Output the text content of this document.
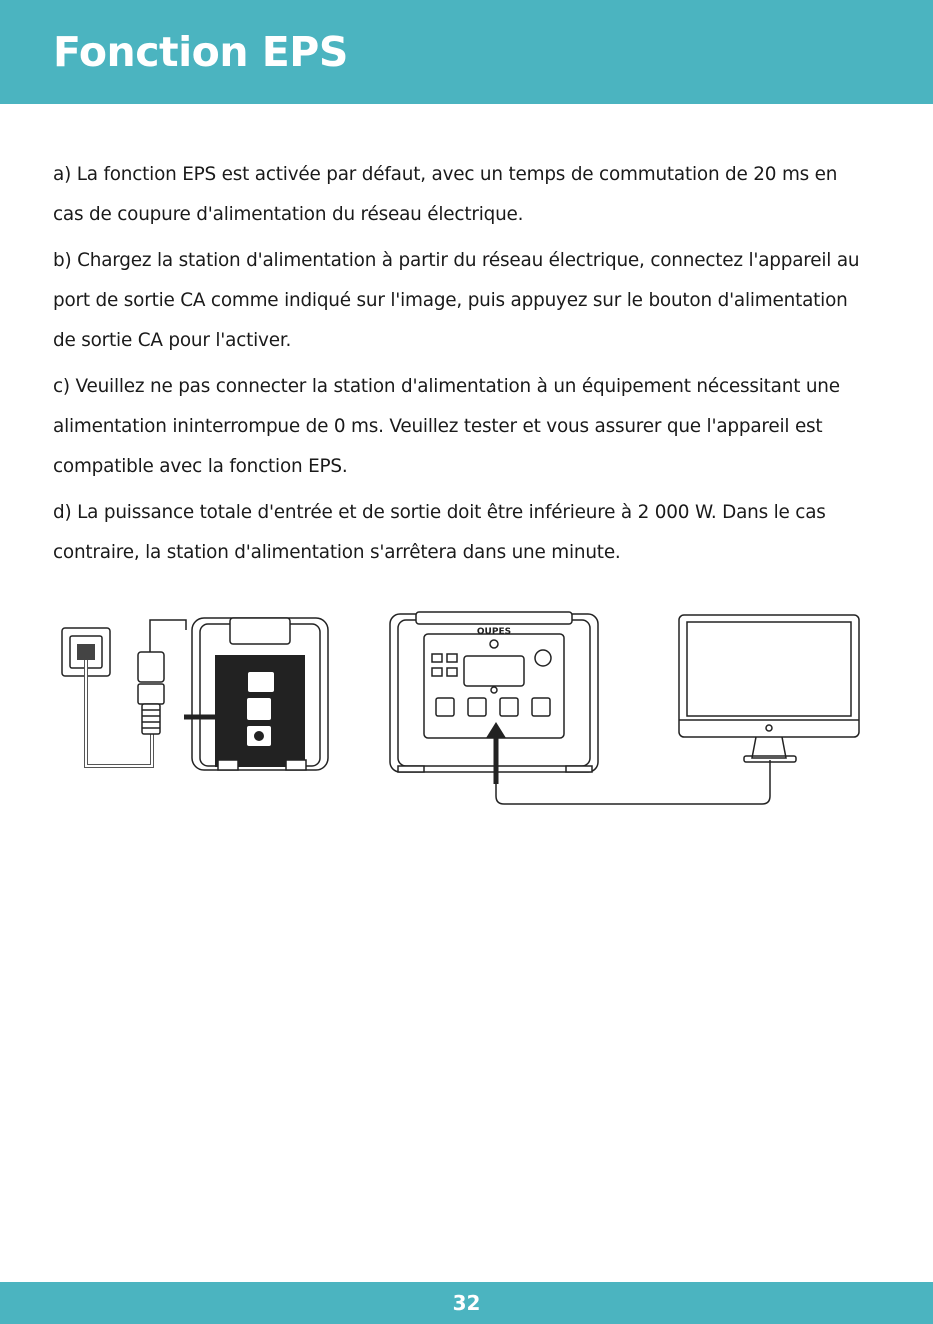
Fonction EPS

a) La fonction EPS est activée par défaut, avec un temps de commutation de 20 ms en cas de coupure d'alimentation du réseau électrique.

b) Chargez la station d'alimentation à partir du réseau électrique, connectez l'appareil au port de sortie CA comme indiqué sur l'image, puis appuyez sur le bouton d'alimentation de sortie CA pour l'activer.

c) Veuillez ne pas connecter la station d'alimentation à un équipement nécessitant une alimentation ininterrompue de 0 ms. Veuillez tester et vous assurer que l'appareil est compatible avec la fonction EPS.

d) La puissance totale d'entrée et de sortie doit être inférieure à 2 000 W. Dans le cas contraire, la station d'alimentation s'arrêtera dans une minute.

OUPES
32
